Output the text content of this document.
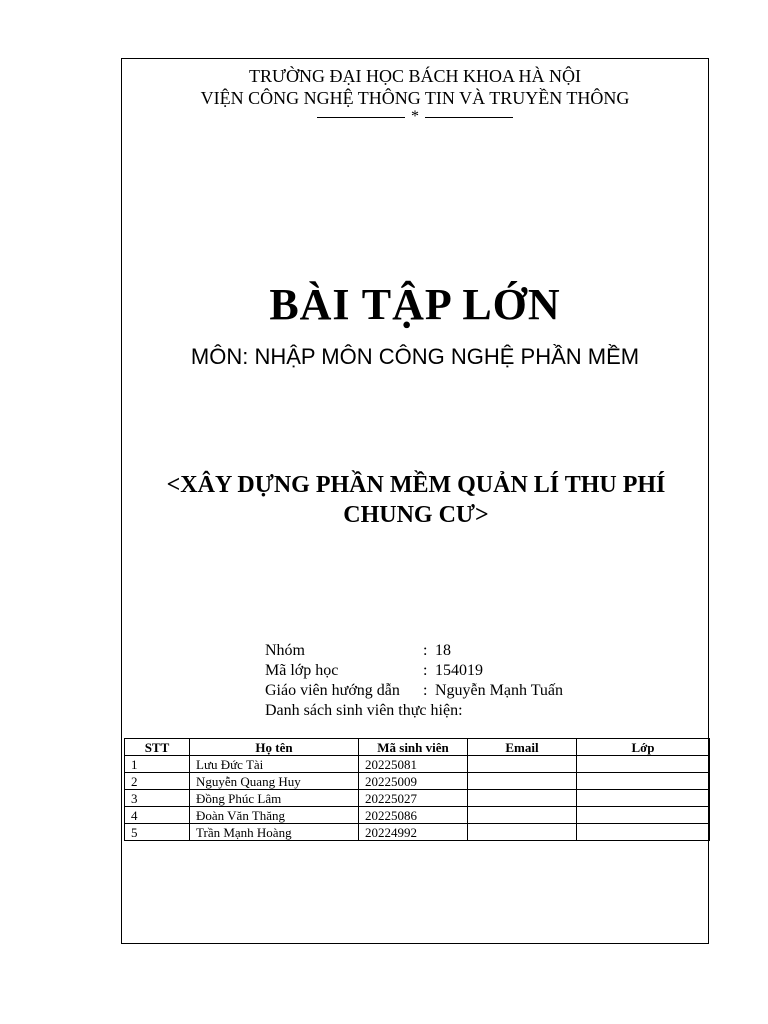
TRƯỜNG ĐẠI HỌC BÁCH KHOA HÀ NỘI
VIỆN CÔNG NGHỆ THÔNG TIN VÀ TRUYỀN THÔNG
*
BÀI TẬP LỚN
MÔN: NHẬP MÔN CÔNG NGHỆ PHẦN MỀM
<XÂY DỰNG PHẦN MỀM QUẢN LÍ THU PHÍ CHUNG CƯ>
Nhóm	: 18
Mã lớp học	: 154019
Giáo viên hướng dẫn : Nguyễn Mạnh Tuấn
Danh sách sinh viên thực hiện:
STT	Họ tên	Mã sinh viên	Email	Lớp
1	Lưu Đức Tài	20225081		
2	Nguyễn Quang Huy	20225009		
3	Đồng Phúc Lâm	20225027		
4	Đoàn Văn Thăng	20225086		
5	Trần Mạnh Hoàng	20224992		
